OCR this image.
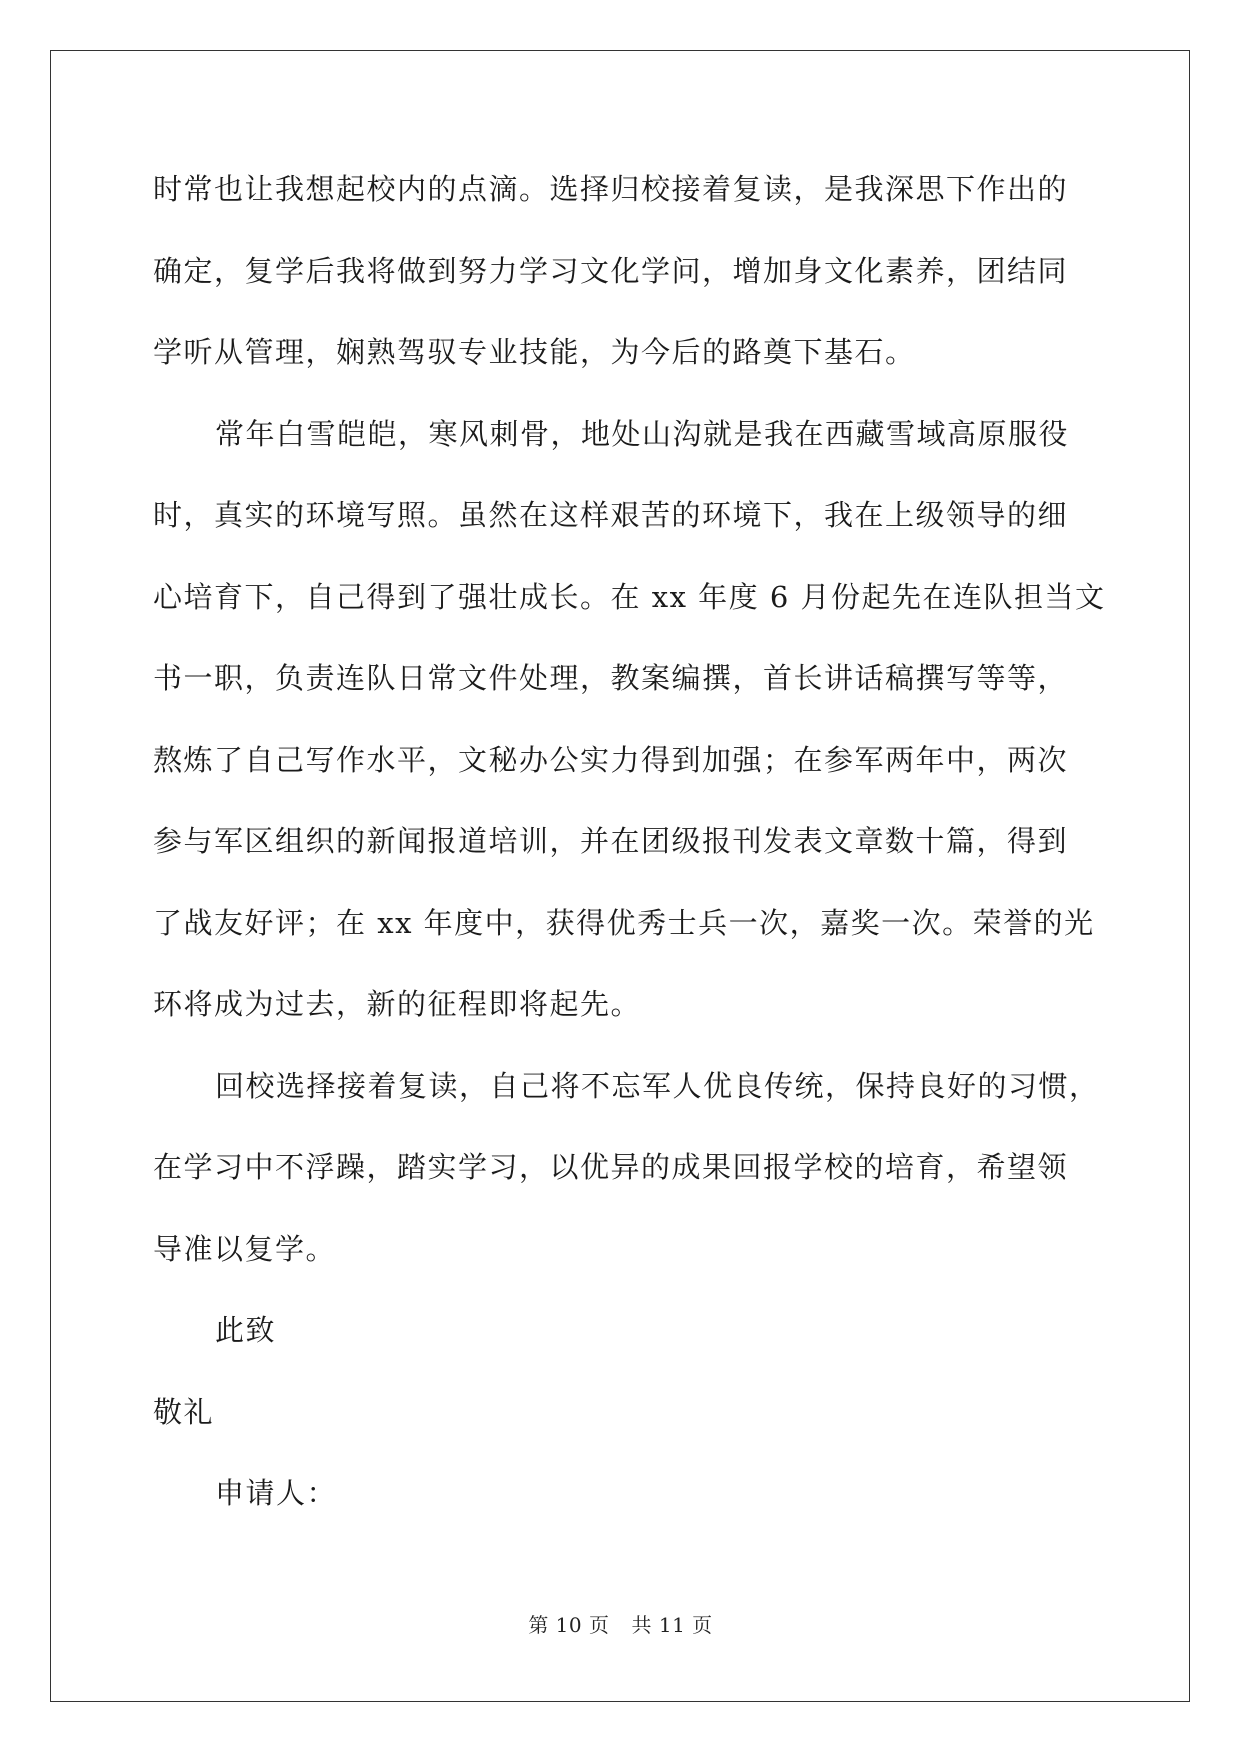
时常也让我想起校内的点滴。选择归校接着复读，是我深思下作出的
确定，复学后我将做到努力学习文化学问，增加身文化素养，团结同
学听从管理，娴熟驾驭专业技能，为今后的路奠下基石。
常年白雪皑皑，寒风刺骨，地处山沟就是我在西藏雪域高原服役
时，真实的环境写照。虽然在这样艰苦的环境下，我在上级领导的细
心培育下，自己得到了强壮成长。在 xx 年度 6 月份起先在连队担当文
书一职，负责连队日常文件处理，教案编撰，首长讲话稿撰写等等，
熬炼了自己写作水平，文秘办公实力得到加强；在参军两年中，两次
参与军区组织的新闻报道培训，并在团级报刊发表文章数十篇，得到
了战友好评；在 xx 年度中，获得优秀士兵一次，嘉奖一次。荣誉的光
环将成为过去，新的征程即将起先。
回校选择接着复读，自己将不忘军人优良传统，保持良好的习惯，
在学习中不浮躁，踏实学习，以优异的成果回报学校的培育，希望领
导准以复学。
此致
敬礼
申请人：
第 10 页 共 11 页
